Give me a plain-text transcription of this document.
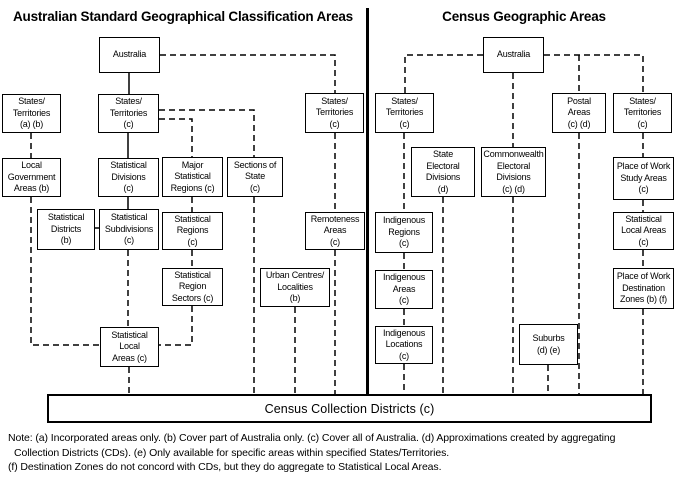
Australian Standard Geographical Classification Areas	Census Geographic Areas
Australia
States/
Territories
(a) (b)
States/
Territories
(c)
States/
Territories
(c)
Local
Government
Areas (b)
Statistical
Divisions
(c)
Major
Statistical
Regions (c)
Sections of
State
(c)
Statistical
Districts
(b)
Statistical
Subdivisions
(c)
Statistical
Regions
(c)
Remoteness
Areas
(c)
Statistical
Region
Sectors (c)
Urban Centres/
Localities
(b)
Statistical
Local
Areas (c)
Australia
States/
Territories
(c)
Postal
Areas
(c) (d)
States/
Territories
(c)
State
Electoral
Divisions
(d)
Commonwealth
Electoral
Divisions
(c) (d)
Place of Work
Study Areas
(c)
Indigenous
Regions
(c)
Statistical
Local Areas
(c)
Indigenous
Areas
(c)
Place of Work
Destination
Zones (b) (f)
Indigenous
Locations
(c)
Suburbs
(d) (e)
Census Collection Districts (c)
Note: (a) Incorporated areas only. (b) Cover part of Australia only. (c) Cover all of Australia. (d) Approximations created by aggregating
Collection Districts (CDs). (e) Only available for specific areas within specified States/Territories.
(f) Destination Zones do not concord with CDs, but they do aggregate to Statistical Local Areas.
